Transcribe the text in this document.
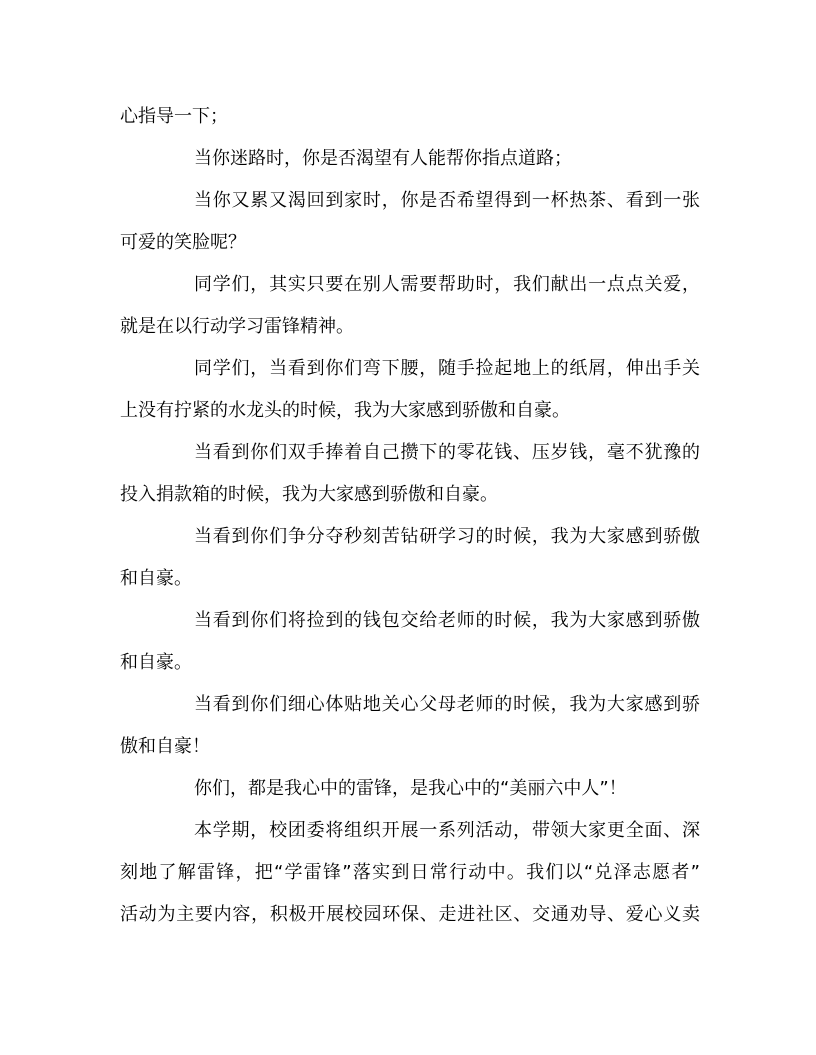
心指导一下；
当你迷路时，你是否渴望有人能帮你指点道路；
当你又累又渴回到家时，你是否希望得到一杯热茶、看到一张
可爱的笑脸呢？
同学们，其实只要在别人需要帮助时，我们献出一点点关爱，
就是在以行动学习雷锋精神。
同学们，当看到你们弯下腰，随手捡起地上的纸屑，伸出手关
上没有拧紧的水龙头的时候，我为大家感到骄傲和自豪。
当看到你们双手捧着自己攒下的零花钱、压岁钱，毫不犹豫的
投入捐款箱的时候，我为大家感到骄傲和自豪。
当看到你们争分夺秒刻苦钻研学习的时候，我为大家感到骄傲
和自豪。
当看到你们将捡到的钱包交给老师的时候，我为大家感到骄傲
和自豪。
当看到你们细心体贴地关心父母老师的时候，我为大家感到骄
傲和自豪！
你们，都是我心中的雷锋，是我心中的“美丽六中人”！
本学期，校团委将组织开展一系列活动，带领大家更全面、深
刻地了解雷锋，把“学雷锋”落实到日常行动中。我们以“兑泽志愿者”
活动为主要内容，积极开展校园环保、走进社区、交通劝导、爱心义卖
